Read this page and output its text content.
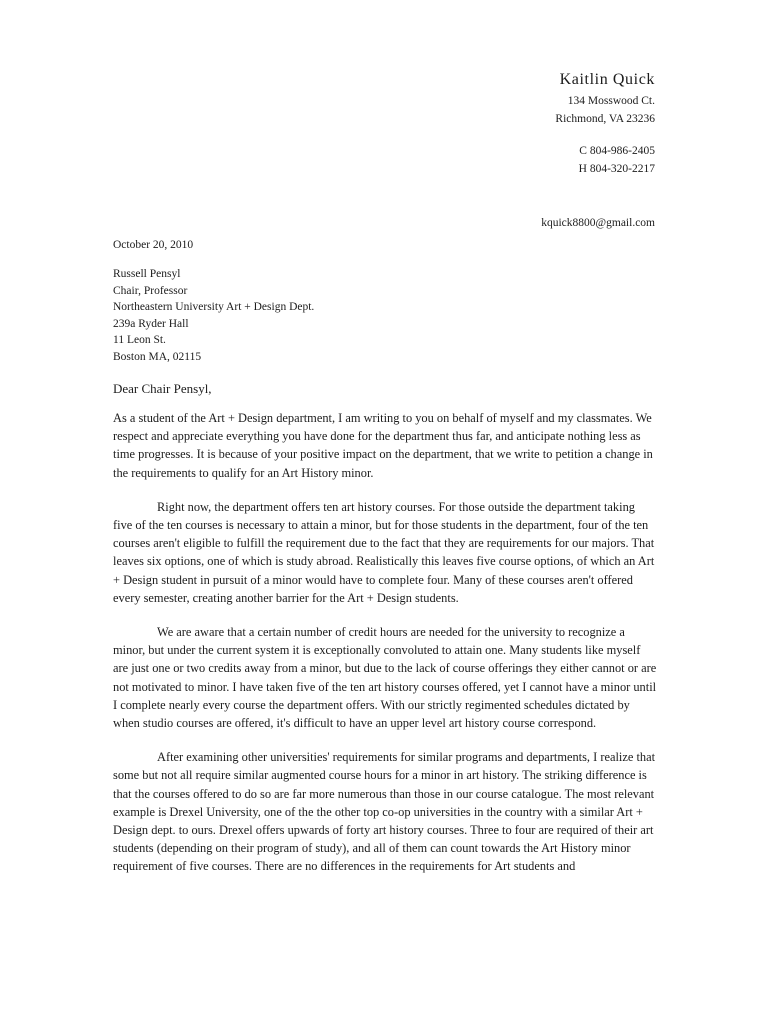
Kaitlin Quick
134 Mosswood Ct.
Richmond, VA 23236
C 804-986-2405
H 804-320-2217
kquick8800@gmail.com
October 20, 2010
Russell Pensyl
Chair, Professor
Northeastern University Art + Design Dept.
239a Ryder Hall
11 Leon St.
Boston MA, 02115
Dear Chair Pensyl,

As a student of the Art + Design department, I am writing to you on behalf of myself and my classmates. We respect and appreciate everything you have done for the department thus far, and anticipate nothing less as time progresses. It is because of your positive impact on the department, that we write to petition a change in the requirements to qualify for an Art History minor.

Right now, the department offers ten art history courses. For those outside the department taking five of the ten courses is necessary to attain a minor, but for those students in the department, four of the ten courses aren't eligible to fulfill the requirement due to the fact that they are requirements for our majors. That leaves six options, one of which is study abroad. Realistically this leaves five course options, of which an Art + Design student in pursuit of a minor would have to complete four. Many of these courses aren't offered every semester, creating another barrier for the Art + Design students.

We are aware that a certain number of credit hours are needed for the university to recognize a minor, but under the current system it is exceptionally convoluted to attain one. Many students like myself are just one or two credits away from a minor, but due to the lack of course offerings they either cannot or are not motivated to minor. I have taken five of the ten art history courses offered, yet I cannot have a minor until I complete nearly every course the department offers. With our strictly regimented schedules dictated by when studio courses are offered, it's difficult to have an upper level art history course correspond.

After examining other universities' requirements for similar programs and departments, I realize that some but not all require similar augmented course hours for a minor in art history. The striking difference is that the courses offered to do so are far more numerous than those in our course catalogue. The most relevant example is Drexel University, one of the the other top co-op universities in the country with a similar Art + Design dept. to ours. Drexel offers upwards of forty art history courses. Three to four are required of their art students (depending on their program of study), and all of them can count towards the Art History minor requirement of five courses. There are no differences in the requirements for Art students and
